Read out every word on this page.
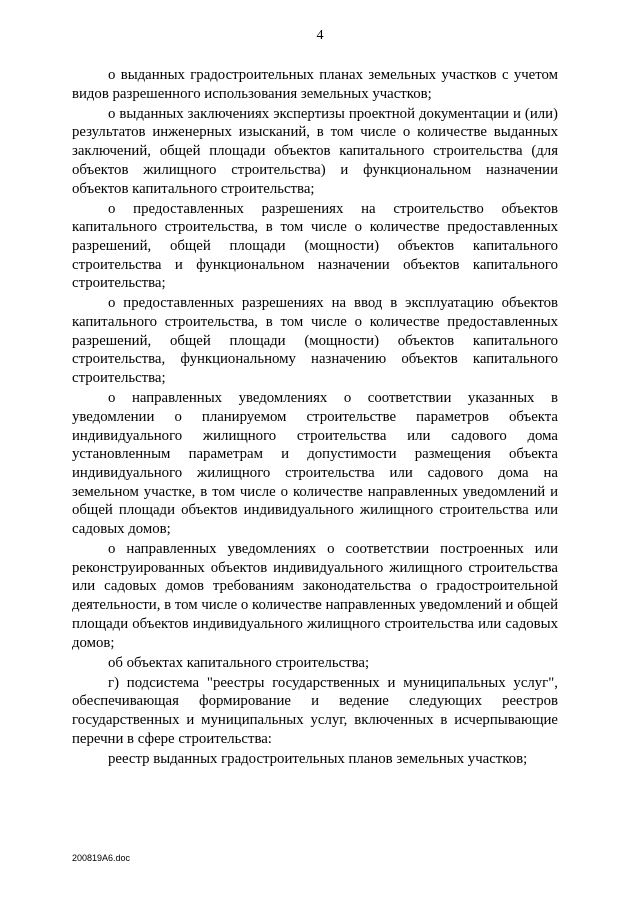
4

о выданных градостроительных планах земельных участков с учетом видов разрешенного использования земельных участков;

о выданных заключениях экспертизы проектной документации и (или) результатов инженерных изысканий, в том числе о количестве выданных заключений, общей площади объектов капитального строительства (для объектов жилищного строительства) и функциональном назначении объектов капитального строительства;

о предоставленных разрешениях на строительство объектов капитального строительства, в том числе о количестве предоставленных разрешений, общей площади (мощности) объектов капитального строительства и функциональном назначении объектов капитального строительства;

о предоставленных разрешениях на ввод в эксплуатацию объектов капитального строительства, в том числе о количестве предоставленных разрешений, общей площади (мощности) объектов капитального строительства, функциональному назначению объектов капитального строительства;

о направленных уведомлениях о соответствии указанных в уведомлении о планируемом строительстве параметров объекта индивидуального жилищного строительства или садового дома установленным параметрам и допустимости размещения объекта индивидуального жилищного строительства или садового дома на земельном участке, в том числе о количестве направленных уведомлений и общей площади объектов индивидуального жилищного строительства или садовых домов;

о направленных уведомлениях о соответствии построенных или реконструированных объектов индивидуального жилищного строительства или садовых домов требованиям законодательства о градостроительной деятельности, в том числе о количестве направленных уведомлений и общей площади объектов индивидуального жилищного строительства или садовых домов;

об объектах капитального строительства;

г) подсистема "реестры государственных и муниципальных услуг", обеспечивающая формирование и ведение следующих реестров государственных и муниципальных услуг, включенных в исчерпывающие перечни в сфере строительства:

реестр выданных градостроительных планов земельных участков;

200819A6.doc
